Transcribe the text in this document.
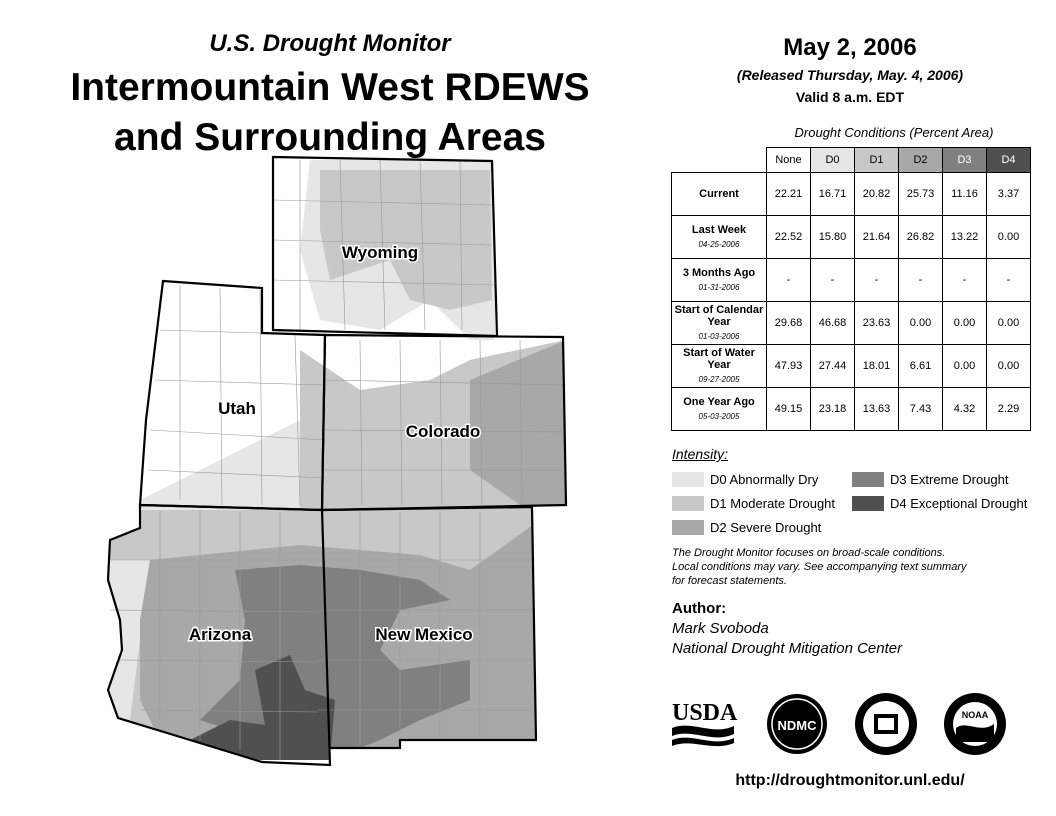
U.S. Drought Monitor
Intermountain West RDEWS
and Surrounding Areas
Wyoming
Utah
Colorado
Arizona	New Mexico
May 2, 2006
(Released Thursday, May. 4, 2006)
Valid 8 a.m. EDT
Drought Conditions (Percent Area)
	None	D0	D1	D2	D3	D4
Current	22.21	16.71	20.82	25.73	11.16	3.37
Last Week
04-25-2006	22.52	15.80	21.64	26.82	13.22	0.00
3 Months Ago
01-31-2006	-	-	-	-	-	-
Start of Calendar Year
01-03-2006	29.68	46.68	23.63	0.00	0.00	0.00
Start of Water Year
09-27-2005	47.93	27.44	18.01	6.61	0.00	0.00
One Year Ago
05-03-2005	49.15	23.18	13.63	7.43	4.32	2.29
Intensity:
D0 Abnormally Dry
D1 Moderate Drought
D2 Severe Drought
D3 Extreme Drought
D4 Exceptional Drought
The Drought Monitor focuses on broad-scale conditions.
Local conditions may vary. See accompanying text summary
for forecast statements.
Author:
Mark Svoboda
National Drought Mitigation Center
USDA	NDMC
NOAA
http://droughtmonitor.unl.edu/
